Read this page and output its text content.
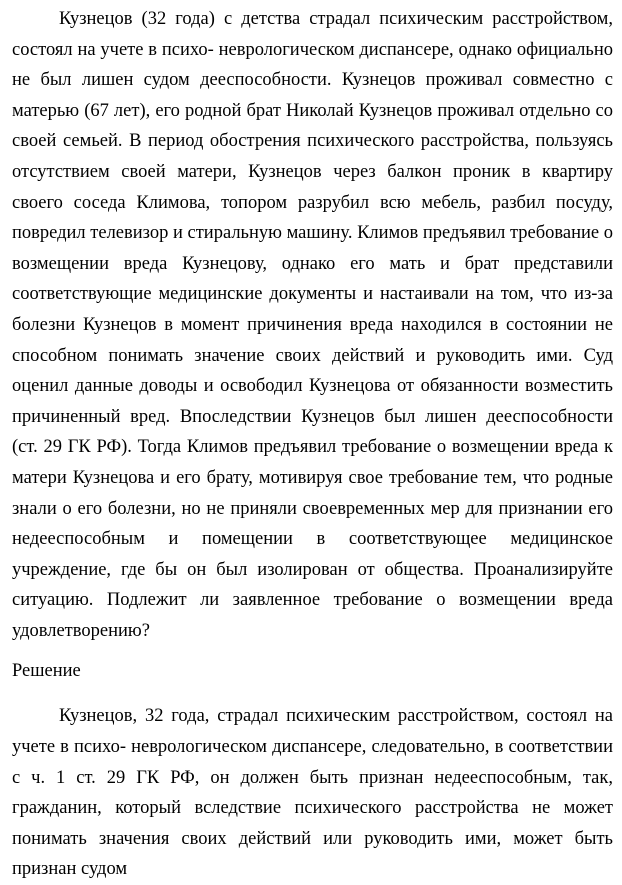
Кузнецов (32 года) с детства страдал психическим расстройством, состоял на учете в психо- неврологическом диспансере, однако официально не был лишен судом дееспособности. Кузнецов проживал совместно с матерью (67 лет), его родной брат Николай Кузнецов проживал отдельно со своей семьей. В период обострения психического расстройства, пользуясь отсутствием своей матери, Кузнецов через балкон проник в квартиру своего соседа Климова, топором разрубил всю мебель, разбил посуду, повредил телевизор и стиральную машину. Климов предъявил требование о возмещении вреда Кузнецову, однако его мать и брат представили соответствующие медицинские документы и настаивали на том, что из-за болезни Кузнецов в момент причинения вреда находился в состоянии не способном понимать значение своих действий и руководить ими. Суд оценил данные доводы и освободил Кузнецова от обязанности возместить причиненный вред. Впоследствии Кузнецов был лишен дееспособности (ст. 29 ГК РФ). Тогда Климов предъявил требование о возмещении вреда к матери Кузнецова и его брату, мотивируя свое требование тем, что родные знали о его болезни, но не приняли своевременных мер для признании его недееспособным и помещении в соответствующее медицинское учреждение, где бы он был изолирован от общества. Проанализируйте ситуацию. Подлежит ли заявленное требование о возмещении вреда удовлетворению?

Решение

Кузнецов, 32 года, страдал психическим расстройством, состоял на учете в психо- неврологическом диспансере, следовательно, в соответствии с ч. 1 ст. 29 ГК РФ, он должен быть признан недееспособным, так, гражданин, который вследствие психического расстройства не может понимать значения своих действий или руководить ими, может быть признан судом
